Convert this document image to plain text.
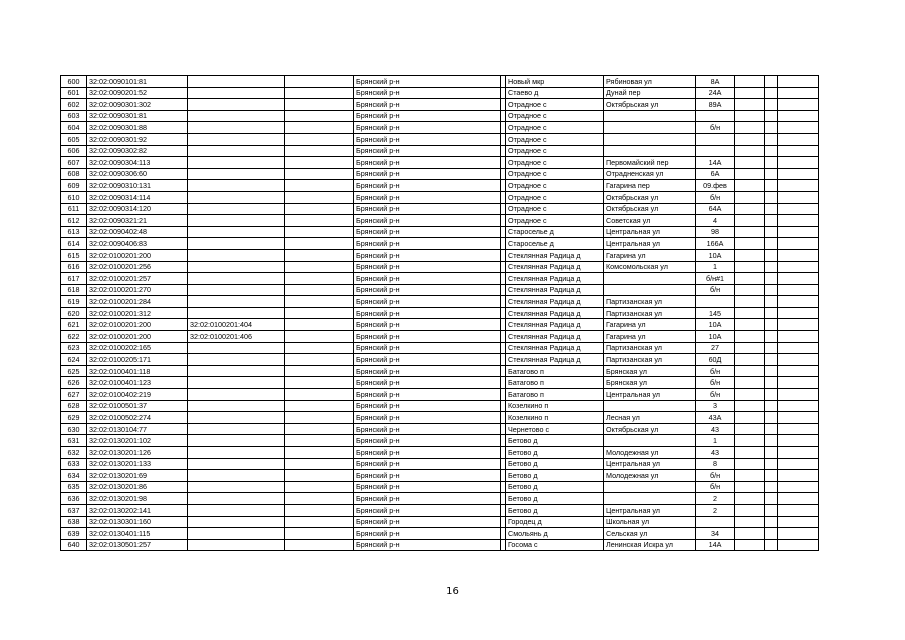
600	32:02:0090101:81			Брянский р-н		Новый мкр	Рябиновая ул	8А			
601	32:02:0090201:52			Брянский р-н		Стаево д	Дунай пер	24А			
602	32:02:0090301:302			Брянский р-н		Отрадное с	Октябрьская ул	89А			
603	32:02:0090301:81			Брянский р-н		Отрадное с					
604	32:02:0090301:88			Брянский р-н		Отрадное с		б/н			
605	32:02:0090301:92			Брянский р-н		Отрадное с					
606	32:02:0090302:82			Брянский р-н		Отрадное с					
607	32:02:0090304:113			Брянский р-н		Отрадное с	Первомайский пер	14А			
608	32:02:0090306:60			Брянский р-н		Отрадное с	Отрадненская ул	6А			
609	32:02:0090310:131			Брянский р-н		Отрадное с	Гагарина пер	09.фев			
610	32:02:0090314:114			Брянский р-н		Отрадное с	Октябрьская ул	б/н			
611	32:02:0090314:120			Брянский р-н		Отрадное с	Октябрьская ул	64А			
612	32:02:0090321:21			Брянский р-н		Отрадное с	Советская ул	4			
613	32:02:0090402:48			Брянский р-н		Староселье д	Центральная ул	98			
614	32:02:0090406:83			Брянский р-н		Староселье д	Центральная ул	166А			
615	32:02:0100201:200			Брянский р-н		Стеклянная Радица д	Гагарина ул	10А			
616	32:02:0100201:256			Брянский р-н		Стеклянная Радица д	Комсомольская ул	1			
617	32:02:0100201:257			Брянский р-н		Стеклянная Радица д		б/н#1			
618	32:02:0100201:270			Брянский р-н		Стеклянная Радица д		б/н			
619	32:02:0100201:284			Брянский р-н		Стеклянная Радица д	Партизанская ул				
620	32:02:0100201:312			Брянский р-н		Стеклянная Радица д	Партизанская ул	145			
621	32:02:0100201:200	32:02:0100201:404		Брянский р-н		Стеклянная Радица д	Гагарина ул	10А			
622	32:02:0100201:200	32:02:0100201:406		Брянский р-н		Стеклянная Радица д	Гагарина ул	10А			
623	32:02:0100202:165			Брянский р-н		Стеклянная Радица д	Партизанская ул	27			
624	32:02:0100205:171			Брянский р-н		Стеклянная Радица д	Партизанская ул	60Д			
625	32:02:0100401:118			Брянский р-н		Батагово п	Брянская ул	б/н			
626	32:02:0100401:123			Брянский р-н		Батагово п	Брянская ул	б/н			
627	32:02:0100402:219			Брянский р-н		Батагово п	Центральная ул	б/н			
628	32:02:0100501:37			Брянский р-н		Козелкино п		3			
629	32:02:0100502:274			Брянский р-н		Козелкино п	Лесная ул	43А			
630	32:02:0130104:77			Брянский р-н		Чернетово с	Октябрьская ул	43			
631	32:02:0130201:102			Брянский р-н		Бетово д		1			
632	32:02:0130201:126			Брянский р-н		Бетово д	Молодежная ул	43			
633	32:02:0130201:133			Брянский р-н		Бетово д	Центральная ул	8			
634	32:02:0130201:69			Брянский р-н		Бетово д	Молодежная ул	б/н			
635	32:02:0130201:86			Брянский р-н		Бетово д		б/н			
636	32:02:0130201:98			Брянский р-н		Бетово д		2			
637	32:02:0130202:141			Брянский р-н		Бетово д	Центральная ул	2			
638	32:02:0130301:160			Брянский р-н		Городец д	Школьная ул				
639	32:02:0130401:115			Брянский р-н		Смольянь д	Сельская ул	34			
640	32:02:0130501:257			Брянский р-н		Госома с	Ленинская Искра ул	14А			
16
